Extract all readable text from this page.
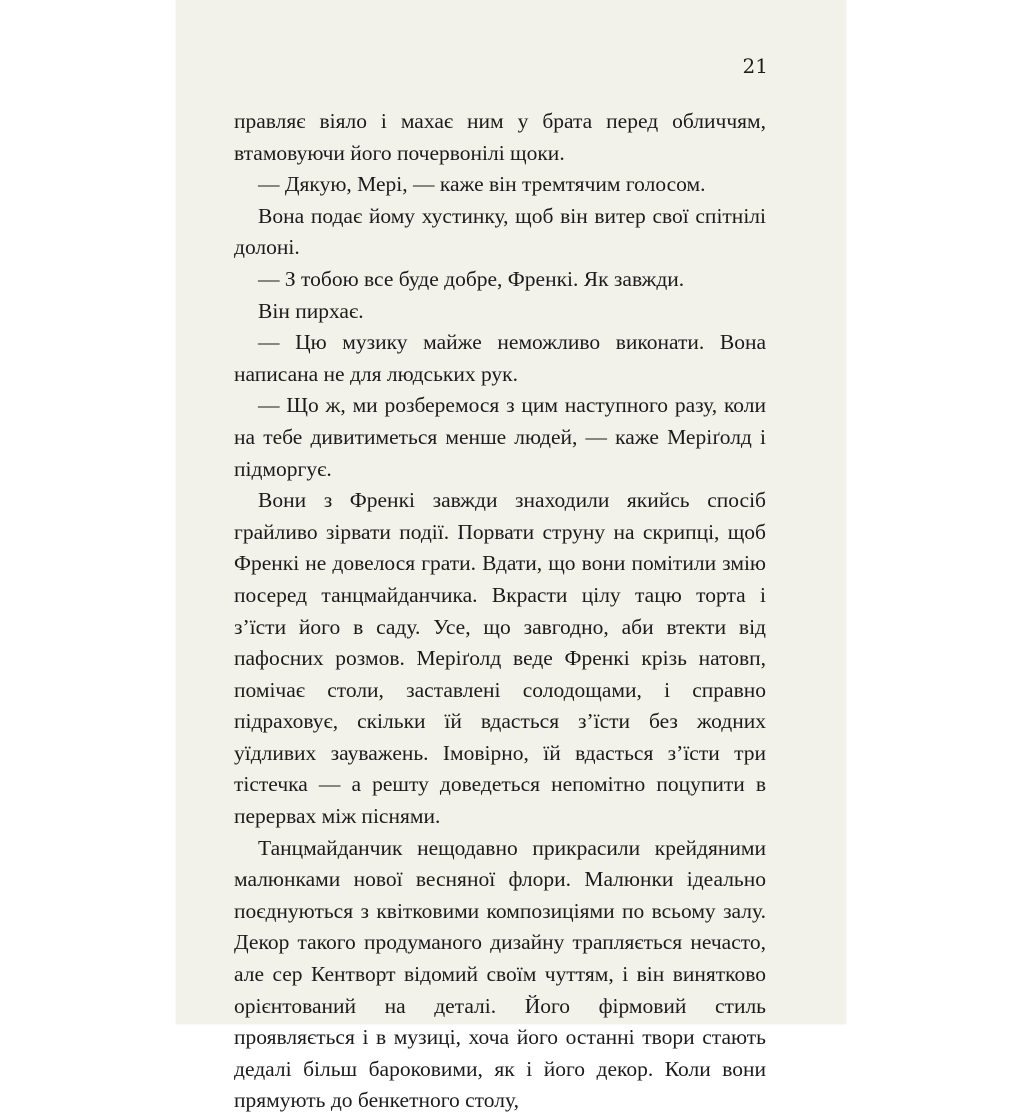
21

правляє віяло і махає ним у брата перед обличчям, втамовуючи його почервонілі щоки.

— Дякую, Мері, — каже він тремтячим голосом.

Вона подає йому хустинку, щоб він витер свої спітнілі долоні.

— З тобою все буде добре, Френкі. Як завжди.

Він пирхає.

— Цю музику майже неможливо виконати. Вона написана не для людських рук.

— Що ж, ми розберемося з цим наступного разу, коли на тебе дивитиметься менше людей, — каже Меріґолд і підморгує.

Вони з Френкі завжди знаходили якийсь спосіб грайливо зірвати події. Порвати струну на скрипці, щоб Френкі не довелося грати. Вдати, що вони помітили змію посеред танцмайданчика. Вкрасти цілу тацю торта і з’їсти його в саду. Усе, що завгодно, аби втекти від пафосних розмов. Меріґолд веде Френкі крізь натовп, помічає столи, заставлені солодощами, і справно підраховує, скільки їй вдасться з’їсти без жодних уїдливих зауважень. Імовірно, їй вдасться з’їсти три тістечка — а решту доведеться непомітно поцупити в перервах між піснями.

Танцмайданчик нещодавно прикрасили крейдяними малюнками нової весняної флори. Малюнки ідеально поєднуються з квітковими композиціями по всьому залу. Декор такого продуманого дизайну трапляється нечасто, але сер Кентворт відомий своїм чуттям, і він винятково орієнтований на деталі. Його фірмовий стиль проявляється і в музиці, хоча його останні твори стають дедалі більш бароковими, як і його декор. Коли вони прямують до бенкетного столу,
